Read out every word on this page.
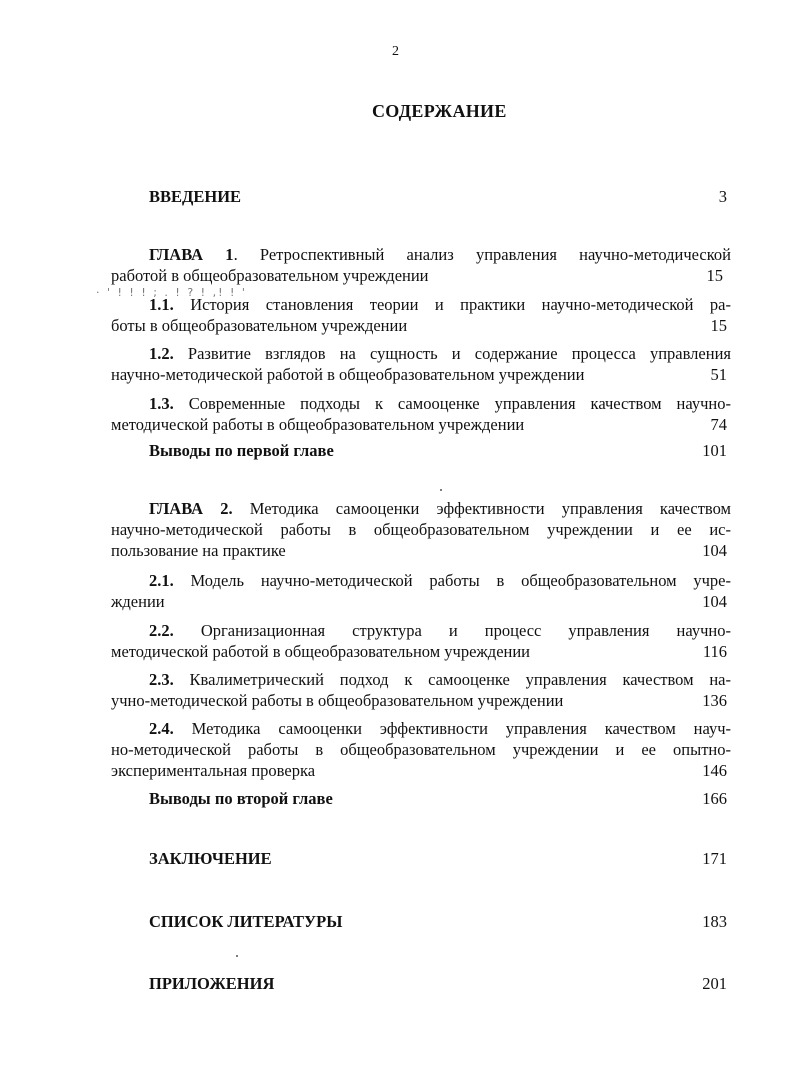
2
СОДЕРЖАНИЕ
ВВЕДЕНИЕ	3
ГЛАВА 1. Ретроспективный анализ управления научно-методической
работой в общеобразовательном учреждении	15
· ' ! ! ! ; . ! ? ! ,! ! '
1.1. История становления теории и практики научно-методической ра-
боты в общеобразовательном учреждении	15
1.2. Развитие взглядов на сущность и содержание процесса управления
научно-методической работой в общеобразовательном учреждении	51
1.3. Современные подходы к самооценке управления качеством научно-
методической работы в общеобразовательном учреждении	74
Выводы по первой главе	101
ГЛАВА 2. Методика самооценки эффективности управления качеством
научно-методической работы в общеобразовательном учреждении и ее ис-
пользование на практике	104
2.1. Модель научно-методической работы в общеобразовательном учре-
ждении	104
2.2. Организационная структура и процесс управления научно-
методической работой в общеобразовательном учреждении	116
2.3. Квалиметрический подход к самооценке управления качеством на-
учно-методической работы в общеобразовательном учреждении	136
2.4. Методика самооценки эффективности управления качеством науч-
но-методической работы в общеобразовательном учреждении и ее опытно-
экспериментальная проверка	146
Выводы по второй главе	166
ЗАКЛЮЧЕНИЕ	171
СПИСОК ЛИТЕРАТУРЫ	183
ПРИЛОЖЕНИЯ	201
